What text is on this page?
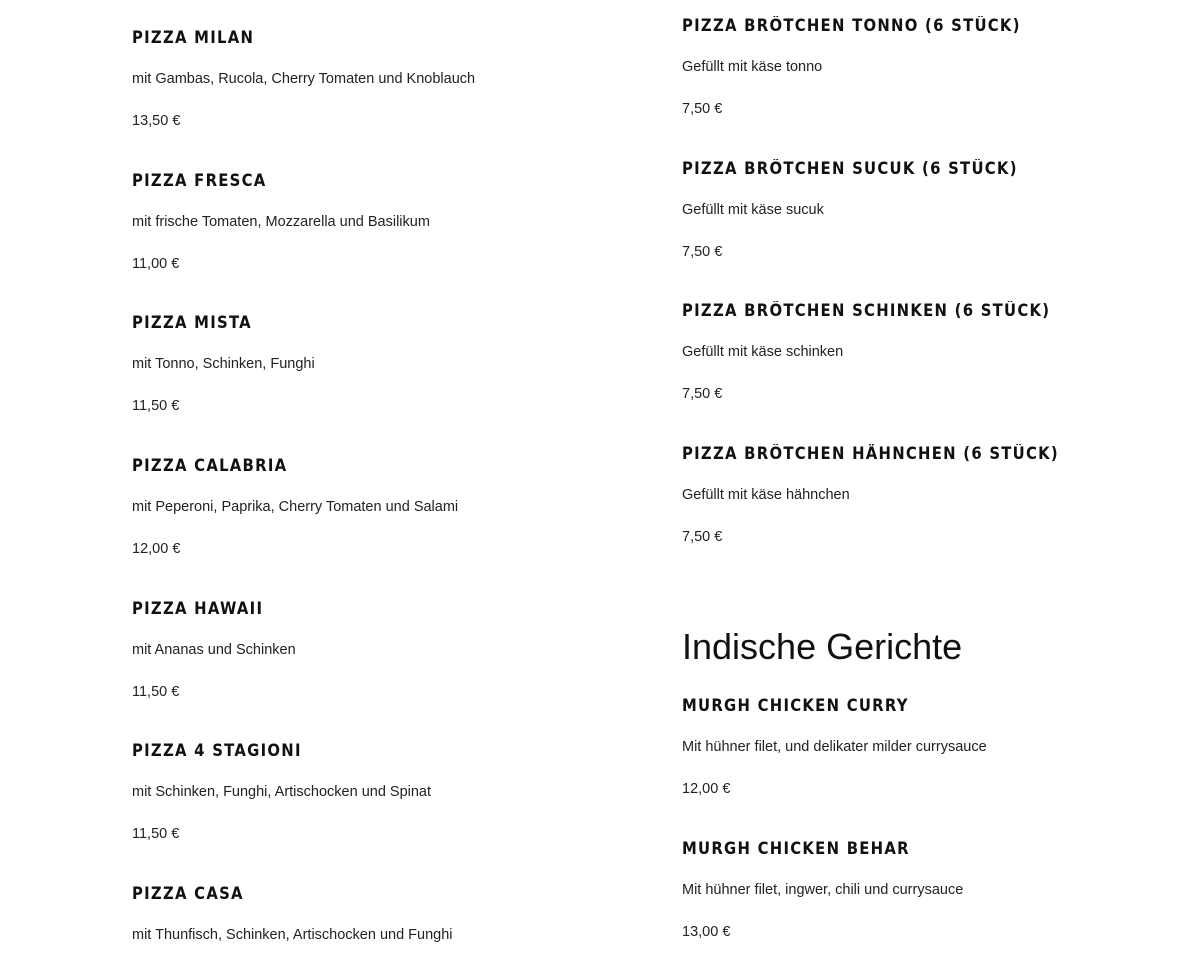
PIZZA MILAN

mit Gambas, Rucola, Cherry Tomaten und Knoblauch

13,50 €

PIZZA FRESCA

mit frische Tomaten, Mozzarella und Basilikum

11,00 €

PIZZA MISTA

mit Tonno, Schinken, Funghi

11,50 €

PIZZA CALABRIA

mit Peperoni, Paprika, Cherry Tomaten und Salami

12,00 €

PIZZA HAWAII

mit Ananas und Schinken

11,50 €

PIZZA 4 STAGIONI

mit Schinken, Funghi, Artischocken und Spinat

11,50 €

PIZZA CASA

mit Thunfisch, Schinken, Artischocken und Funghi

PIZZA BRÖTCHEN TONNO (6 STÜCK)

Gefüllt mit käse tonno

7,50 €

PIZZA BRÖTCHEN SUCUK (6 STÜCK)

Gefüllt mit käse sucuk

7,50 €

PIZZA BRÖTCHEN SCHINKEN (6 STÜCK)

Gefüllt mit käse schinken

7,50 €

PIZZA BRÖTCHEN HÄHNCHEN (6 STÜCK)

Gefüllt mit käse hähnchen

7,50 €

Indische Gerichte
MURGH CHICKEN CURRY

Mit hühner filet, und delikater milder currysauce

12,00 €

MURGH CHICKEN BEHAR

Mit hühner filet, ingwer, chili und currysauce

13,00 €
